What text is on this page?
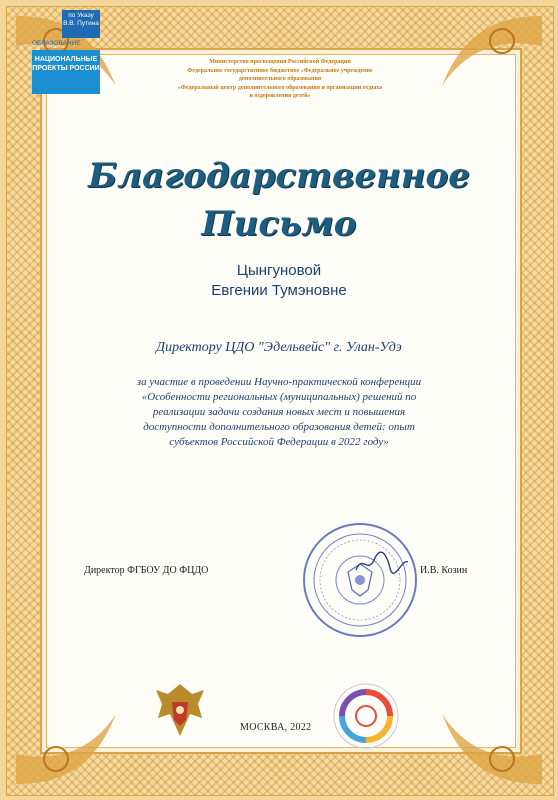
по Указу В.В. Путина
ОБРАЗОВАНИЕ
НАЦИОНАЛЬНЫЕ ПРОЕКТЫ РОССИИ
Министерство просвещения Российской Федерации
Федеральное государственное бюджетное «Федеральное учреждение
дополнительного образования
«Федеральный центр дополнительного образования и организации отдыха
и оздоровления детей»
Благодарственное
Письмо
Цынгуновой
Евгении Тумэновне
Директору ЦДО "Эдельвейс" г. Улан-Удэ
за участие в проведении Научно-практической конференции
«Особенности региональных (муниципальных) решений по
реализации задачи создания новых мест и повышения
доступности дополнительного образования детей: опыт
субъектов Российской Федерации в 2022 году»
Директор ФГБОУ ДО ФЦДО	И.В. Козин
МОСКВА, 2022
